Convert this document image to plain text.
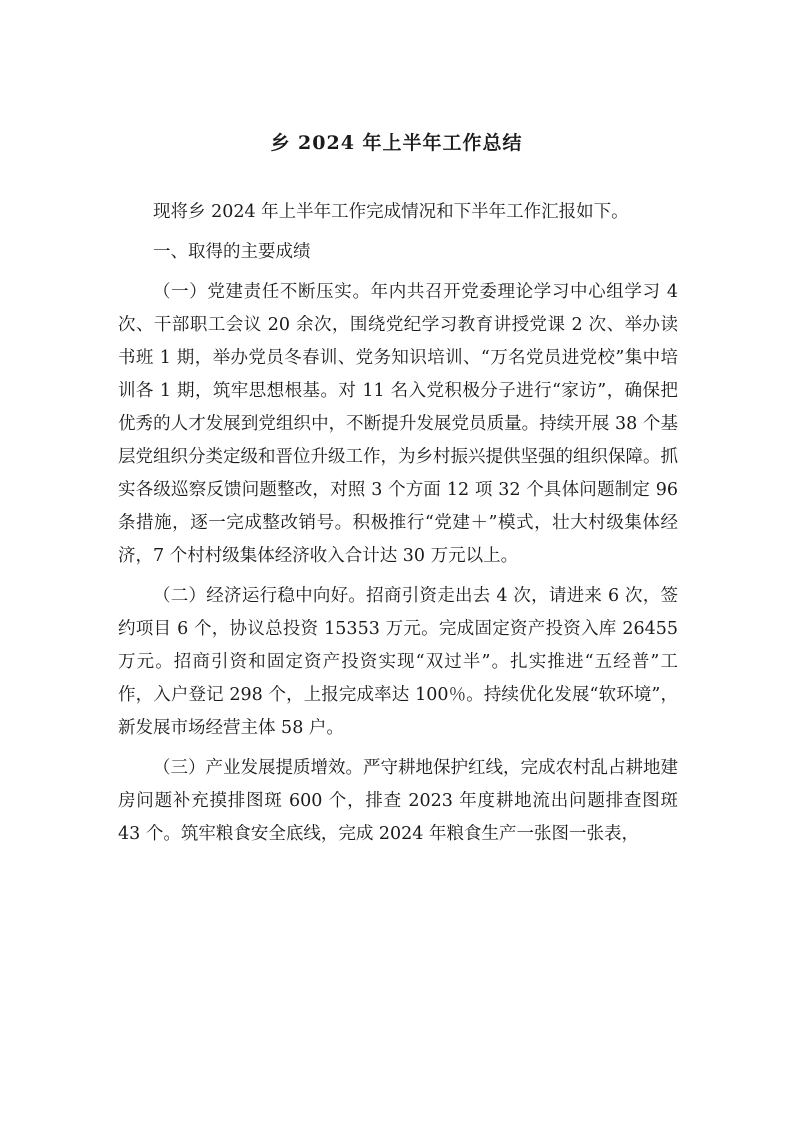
乡 2024 年上半年工作总结

现将乡 2024 年上半年工作完成情况和下半年工作汇报如下。

一、取得的主要成绩

（一）党建责任不断压实。年内共召开党委理论学习中心组学习 4 次、干部职工会议 20 余次，围绕党纪学习教育讲授党课 2 次、举办读书班 1 期，举办党员冬春训、党务知识培训、“万名党员进党校”集中培训各 1 期，筑牢思想根基。对 11 名入党积极分子进行“家访”，确保把优秀的人才发展到党组织中，不断提升发展党员质量。持续开展 38 个基层党组织分类定级和晋位升级工作，为乡村振兴提供坚强的组织保障。抓实各级巡察反馈问题整改，对照 3 个方面 12 项 32 个具体问题制定 96 条措施，逐一完成整改销号。积极推行“党建＋”模式，壮大村级集体经济，7 个村村级集体经济收入合计达 30 万元以上。

（二）经济运行稳中向好。招商引资走出去 4 次，请进来 6 次，签约项目 6 个，协议总投资 15353 万元。完成固定资产投资入库 26455 万元。招商引资和固定资产投资实现“双过半”。扎实推进“五经普”工作，入户登记 298 个，上报完成率达 100％。持续优化发展“软环境”，新发展市场经营主体 58 户。

（三）产业发展提质增效。严守耕地保护红线，完成农村乱占耕地建房问题补充摸排图斑 600 个，排查 2023 年度耕地流出问题排查图斑 43 个。筑牢粮食安全底线，完成 2024 年粮食生产一张图一张表，
